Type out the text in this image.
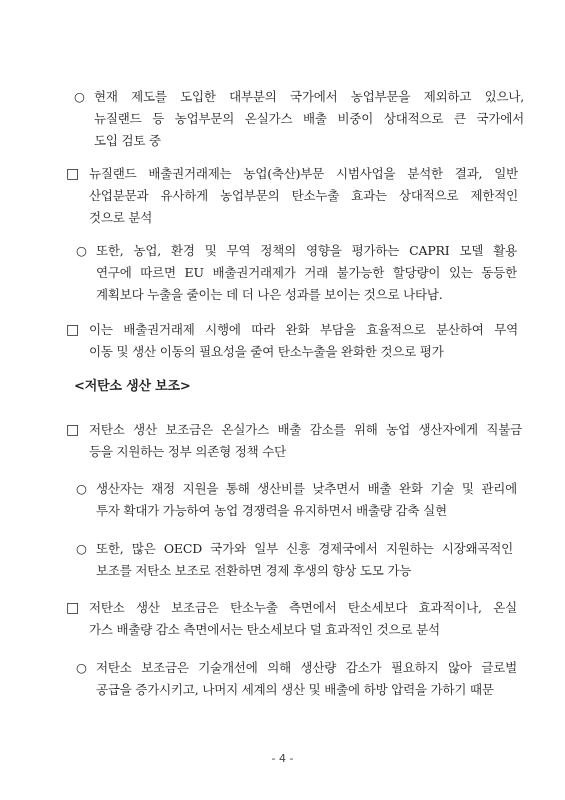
○ 현재 제도를 도입한 대부분의 국가에서 농업부문을 제외하고 있으나,
뉴질랜드 등 농업부문의 온실가스 배출 비중이 상대적으로 큰 국가에서
도입 검토 중
□ 뉴질랜드 배출권거래제는 농업(축산)부문 시범사업을 분석한 결과, 일반
산업분문과 유사하게 농업부문의 탄소누출 효과는 상대적으로 제한적인
것으로 분석
○ 또한, 농업, 환경 및 무역 정책의 영향을 평가하는 CAPRI 모델 활용
연구에 따르면 EU 배출권거래제가 거래 불가능한 할당량이 있는 동등한
계획보다 누출을 줄이는 데 더 나은 성과를 보이는 것으로 나타남.
□ 이는 배출권거래제 시행에 따라 완화 부담을 효율적으로 분산하여 무역
이동 및 생산 이동의 필요성을 줄여 탄소누출을 완화한 것으로 평가
<저탄소 생산 보조>
□ 저탄소 생산 보조금은 온실가스 배출 감소를 위해 농업 생산자에게 직불금
등을 지원하는 정부 의존형 정책 수단
○ 생산자는 재정 지원을 통해 생산비를 낮추면서 배출 완화 기술 및 관리에
투자 확대가 가능하여 농업 경쟁력을 유지하면서 배출량 감축 실현
○ 또한, 많은 OECD 국가와 일부 신흥 경제국에서 지원하는 시장왜곡적인
보조를 저탄소 보조로 전환하면 경제 후생의 향상 도모 가능
□ 저탄소 생산 보조금은 탄소누출 측면에서 탄소세보다 효과적이나, 온실
가스 배출량 감소 측면에서는 탄소세보다 덜 효과적인 것으로 분석
○ 저탄소 보조금은 기술개선에 의해 생산량 감소가 필요하지 않아 글로벌
공급을 증가시키고, 나머지 세계의 생산 및 배출에 하방 압력을 가하기 때문
- 4 -
